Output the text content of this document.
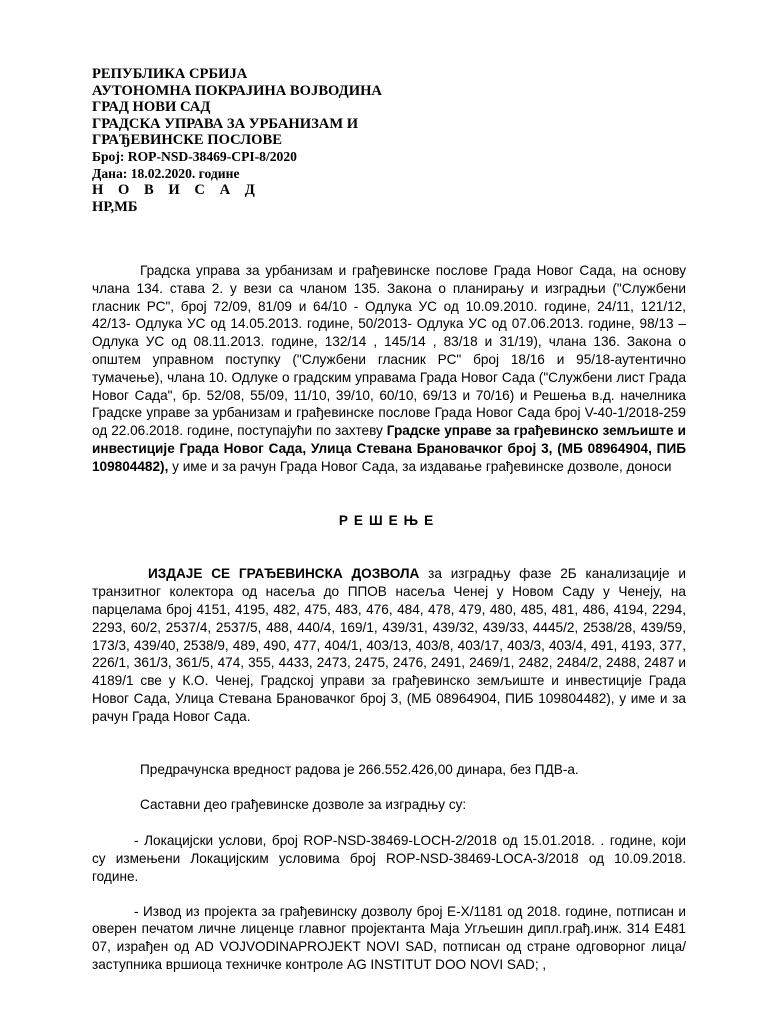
РЕПУБЛИКА СРБИЈА
АУТОНОМНА ПОКРАЈИНА ВОЈВОДИНА
ГРАД НОВИ САД
ГРАДСКА УПРАВА ЗА УРБАНИЗАМ И
ГРАЂЕВИНСКЕ ПОСЛОВЕ
Број: ROP-NSD-38469-CPI-8/2020
Дана: 18.02.2020. године
Н О В И С А Д
НР,МБ

Градска управа за урбанизам и грађевинске послове Града Новог Сада, на основу члана 134. става 2. у вези са чланом 135. Закона о планирању и изградњи ("Службени гласник РС", број 72/09, 81/09 и 64/10 - Одлука УС од 10.09.2010. године, 24/11, 121/12, 42/13- Одлука УС од 14.05.2013. године, 50/2013- Одлука УС од 07.06.2013. године, 98/13 – Одлука УС од 08.11.2013. године, 132/14 , 145/14 , 83/18 и 31/19), члана 136. Закона о општем управном поступку ("Службени гласник РС" број 18/16 и 95/18-аутентично тумачење), члана 10. Одлуке о градским управама Града Новог Сада ("Службени лист Града Новог Сада", бр. 52/08, 55/09, 11/10, 39/10, 60/10, 69/13 и 70/16) и Решења в.д. начелника Градске управе за урбанизам и грађевинске послове Града Новог Сада број V-40-1/2018-259 од 22.06.2018. године, поступајући по захтеву Градске управе за грађевинско земљиште и инвестиције Града Новог Сада, Улица Стевана Брановачког број 3, (МБ 08964904, ПИБ 109804482), у име и за рачун Града Новог Сада, за издавање грађевинске дозволе, доноси

РЕШЕЊЕ

ИЗДАЈЕ СЕ ГРАЂЕВИНСКА ДОЗВОЛА за изградњу фазе 2Б канализације и транзитног колектора од насеља до ППОВ насеља Ченеј у Новом Саду у Ченеју, на парцелама број 4151, 4195, 482, 475, 483, 476, 484, 478, 479, 480, 485, 481, 486, 4194, 2294, 2293, 60/2, 2537/4, 2537/5, 488, 440/4, 169/1, 439/31, 439/32, 439/33, 4445/2, 2538/28, 439/59, 173/3, 439/40, 2538/9, 489, 490, 477, 404/1, 403/13, 403/8, 403/17, 403/3, 403/4, 491, 4193, 377, 226/1, 361/3, 361/5, 474, 355, 4433, 2473, 2475, 2476, 2491, 2469/1, 2482, 2484/2, 2488, 2487 и 4189/1 све у К.О. Ченеј, Градској управи за грађевинско земљиште и инвестиције Града Новог Сада, Улица Стевана Брановачког број 3, (МБ 08964904, ПИБ 109804482), у име и за рачун Града Новог Сада.

Предрачунска вредност радова је 266.552.426,00 динара, без ПДВ-а.

Саставни део грађевинске дозволе за изградњу су:

- Локацијски услови, број ROP-NSD-38469-LOCH-2/2018 од 15.01.2018. . године, који су измењени Локацијским условима број ROP-NSD-38469-LOCA-3/2018 од 10.09.2018. године.

- Извод из пројекта за грађевинску дозволу број Е-Х/1181 од 2018. године, потписан и оверен печатом личне лиценце главног пројектанта Маја Угљешин дипл.грађ.инж. 314 Е481 07, израђен од AD VOJVODINAPROJEKT NOVI SAD, потписан од стране одговорног лица/заступника вршиоца техничке контроле AG INSTITUT DOO NOVI SAD; ,
